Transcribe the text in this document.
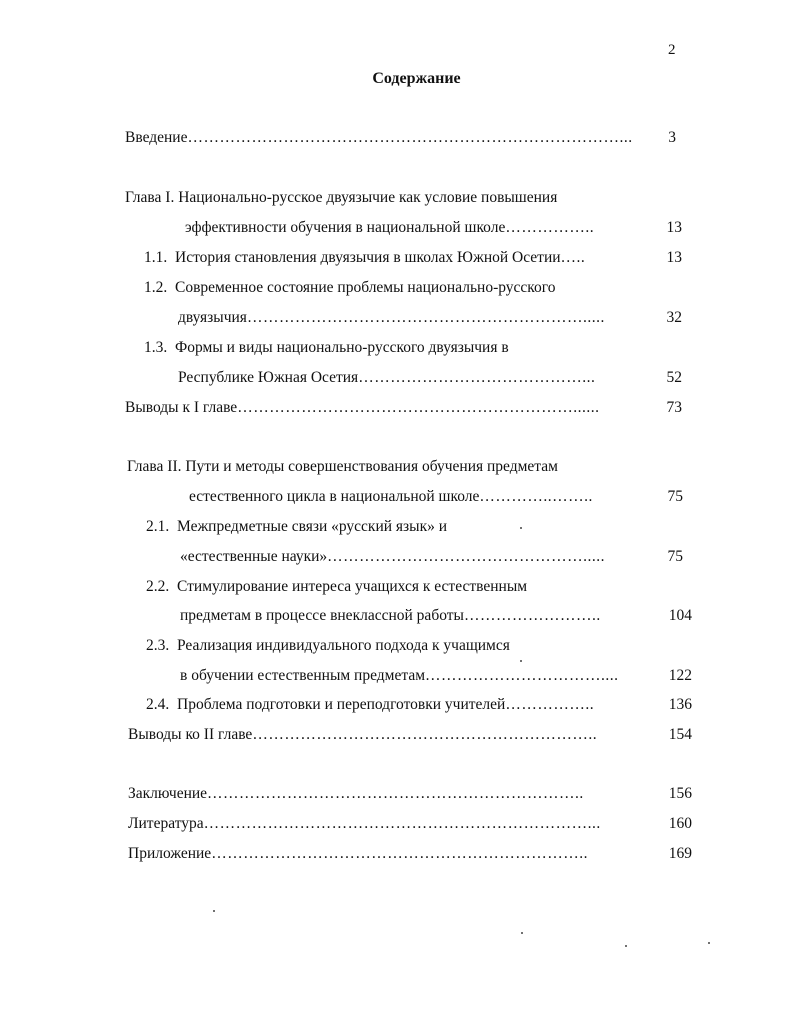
2
Содержание
Введение………………………………………………………………………...	3
Глава I. Национально-русское двуязычие как условие повышения
эффективности обучения в национальной школе……………..	13
1.1. История становления двуязычия в школах Южной Осетии…..	13
1.2. Современное состояние проблемы национально-русского
двуязычия……………………………………………………….....	32
1.3. Формы и виды национально-русского двуязычия в
Республике Южная Осетия……………………………………...	52
Выводы к I главе………………………………………………………......	73
Глава II. Пути и методы совершенствования обучения предметам
естественного цикла в национальной школе…………..……..	75
2.1. Межпредметные связи «русский язык» и
«естественные науки»………………………………………….....	75
2.2. Стимулирование интереса учащихся к естественным
предметам в процессе внеклассной работы……………………..	104
2.3. Реализация индивидуального подхода к учащимся
в обучении естественным предметам……………………………....	122
2.4. Проблема подготовки и переподготовки учителей……………..	136
Выводы ко II главе………………………………………………………..	154
Заключение……………………………………………………………..	156
Литература………………………………………………………………...	160
Приложение……………………………………………………………..	169
